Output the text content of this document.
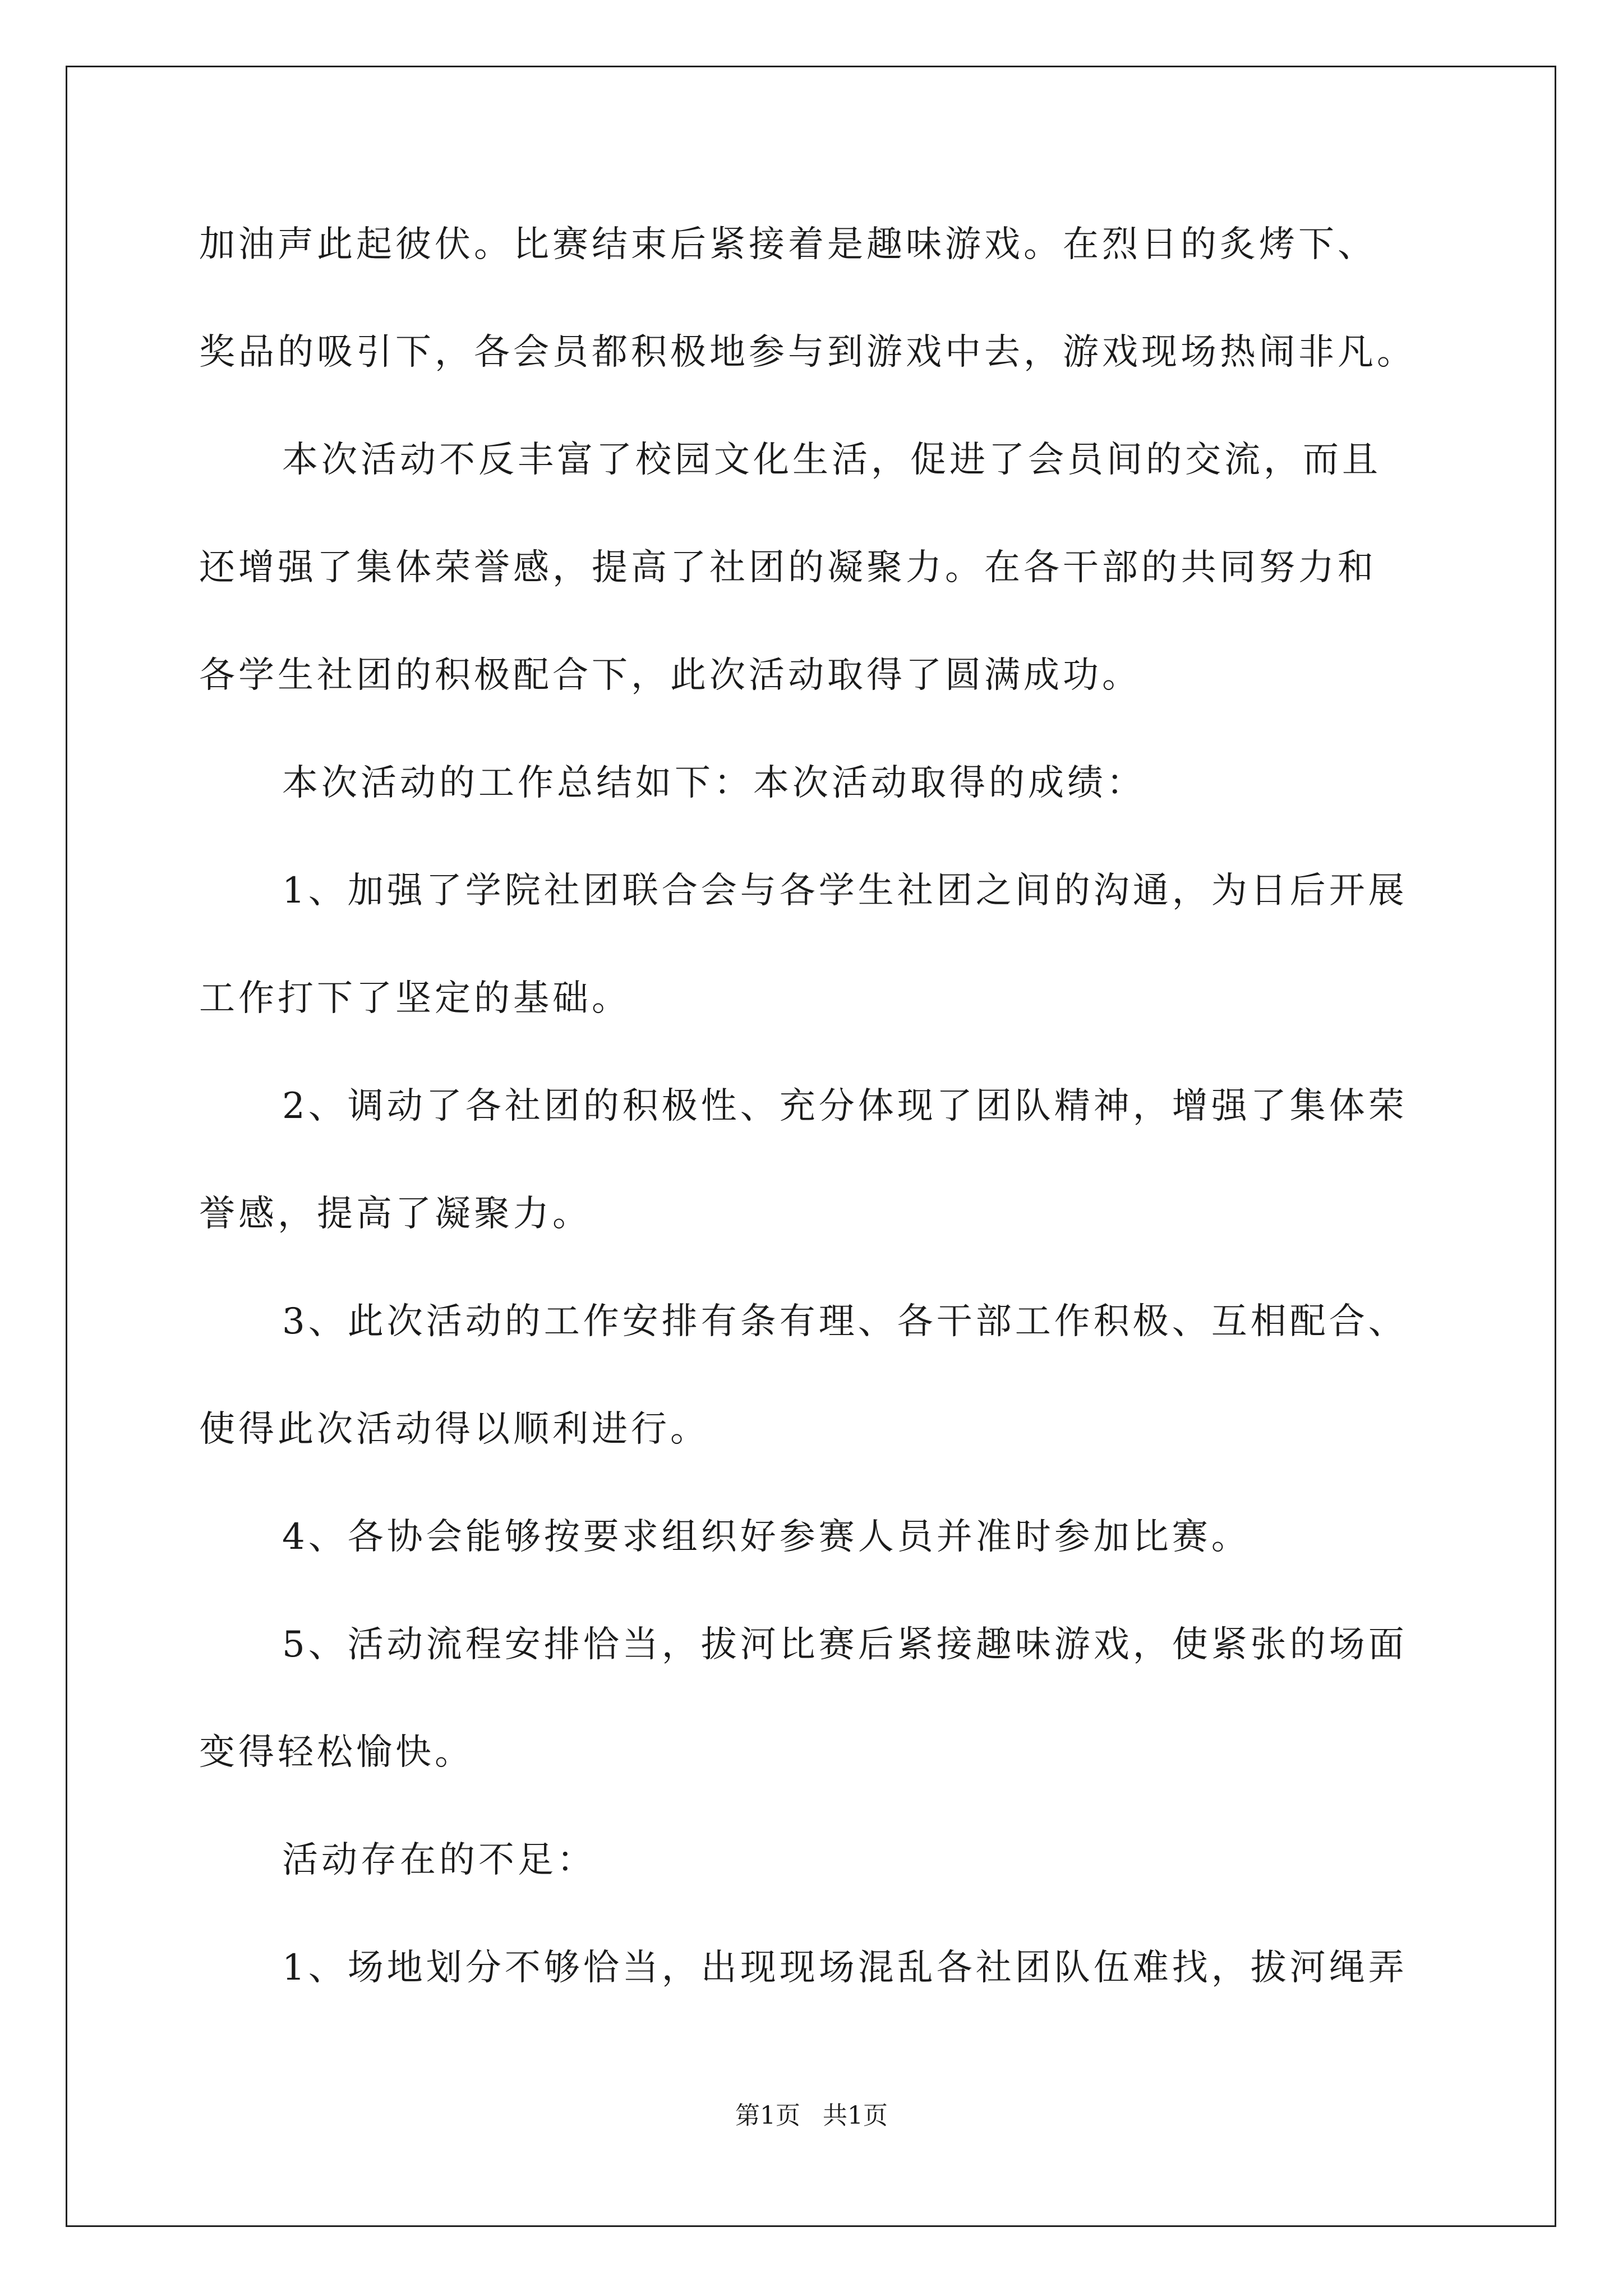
加油声此起彼伏。比赛结束后紧接着是趣味游戏。在烈日的炙烤下、
奖品的吸引下，各会员都积极地参与到游戏中去，游戏现场热闹非凡。
本次活动不反丰富了校园文化生活，促进了会员间的交流，而且
还增强了集体荣誉感，提高了社团的凝聚力。在各干部的共同努力和
各学生社团的积极配合下，此次活动取得了圆满成功。
本次活动的工作总结如下：本次活动取得的成绩：
1、加强了学院社团联合会与各学生社团之间的沟通，为日后开展
工作打下了坚定的基础。
2、调动了各社团的积极性、充分体现了团队精神，增强了集体荣
誉感，提高了凝聚力。
3、此次活动的工作安排有条有理、各干部工作积极、互相配合、
使得此次活动得以顺利进行。
4、各协会能够按要求组织好参赛人员并准时参加比赛。
5、活动流程安排恰当，拔河比赛后紧接趣味游戏，使紧张的场面
变得轻松愉快。
活动存在的不足：
1、场地划分不够恰当，出现现场混乱各社团队伍难找，拔河绳弄
第1页 共1页
